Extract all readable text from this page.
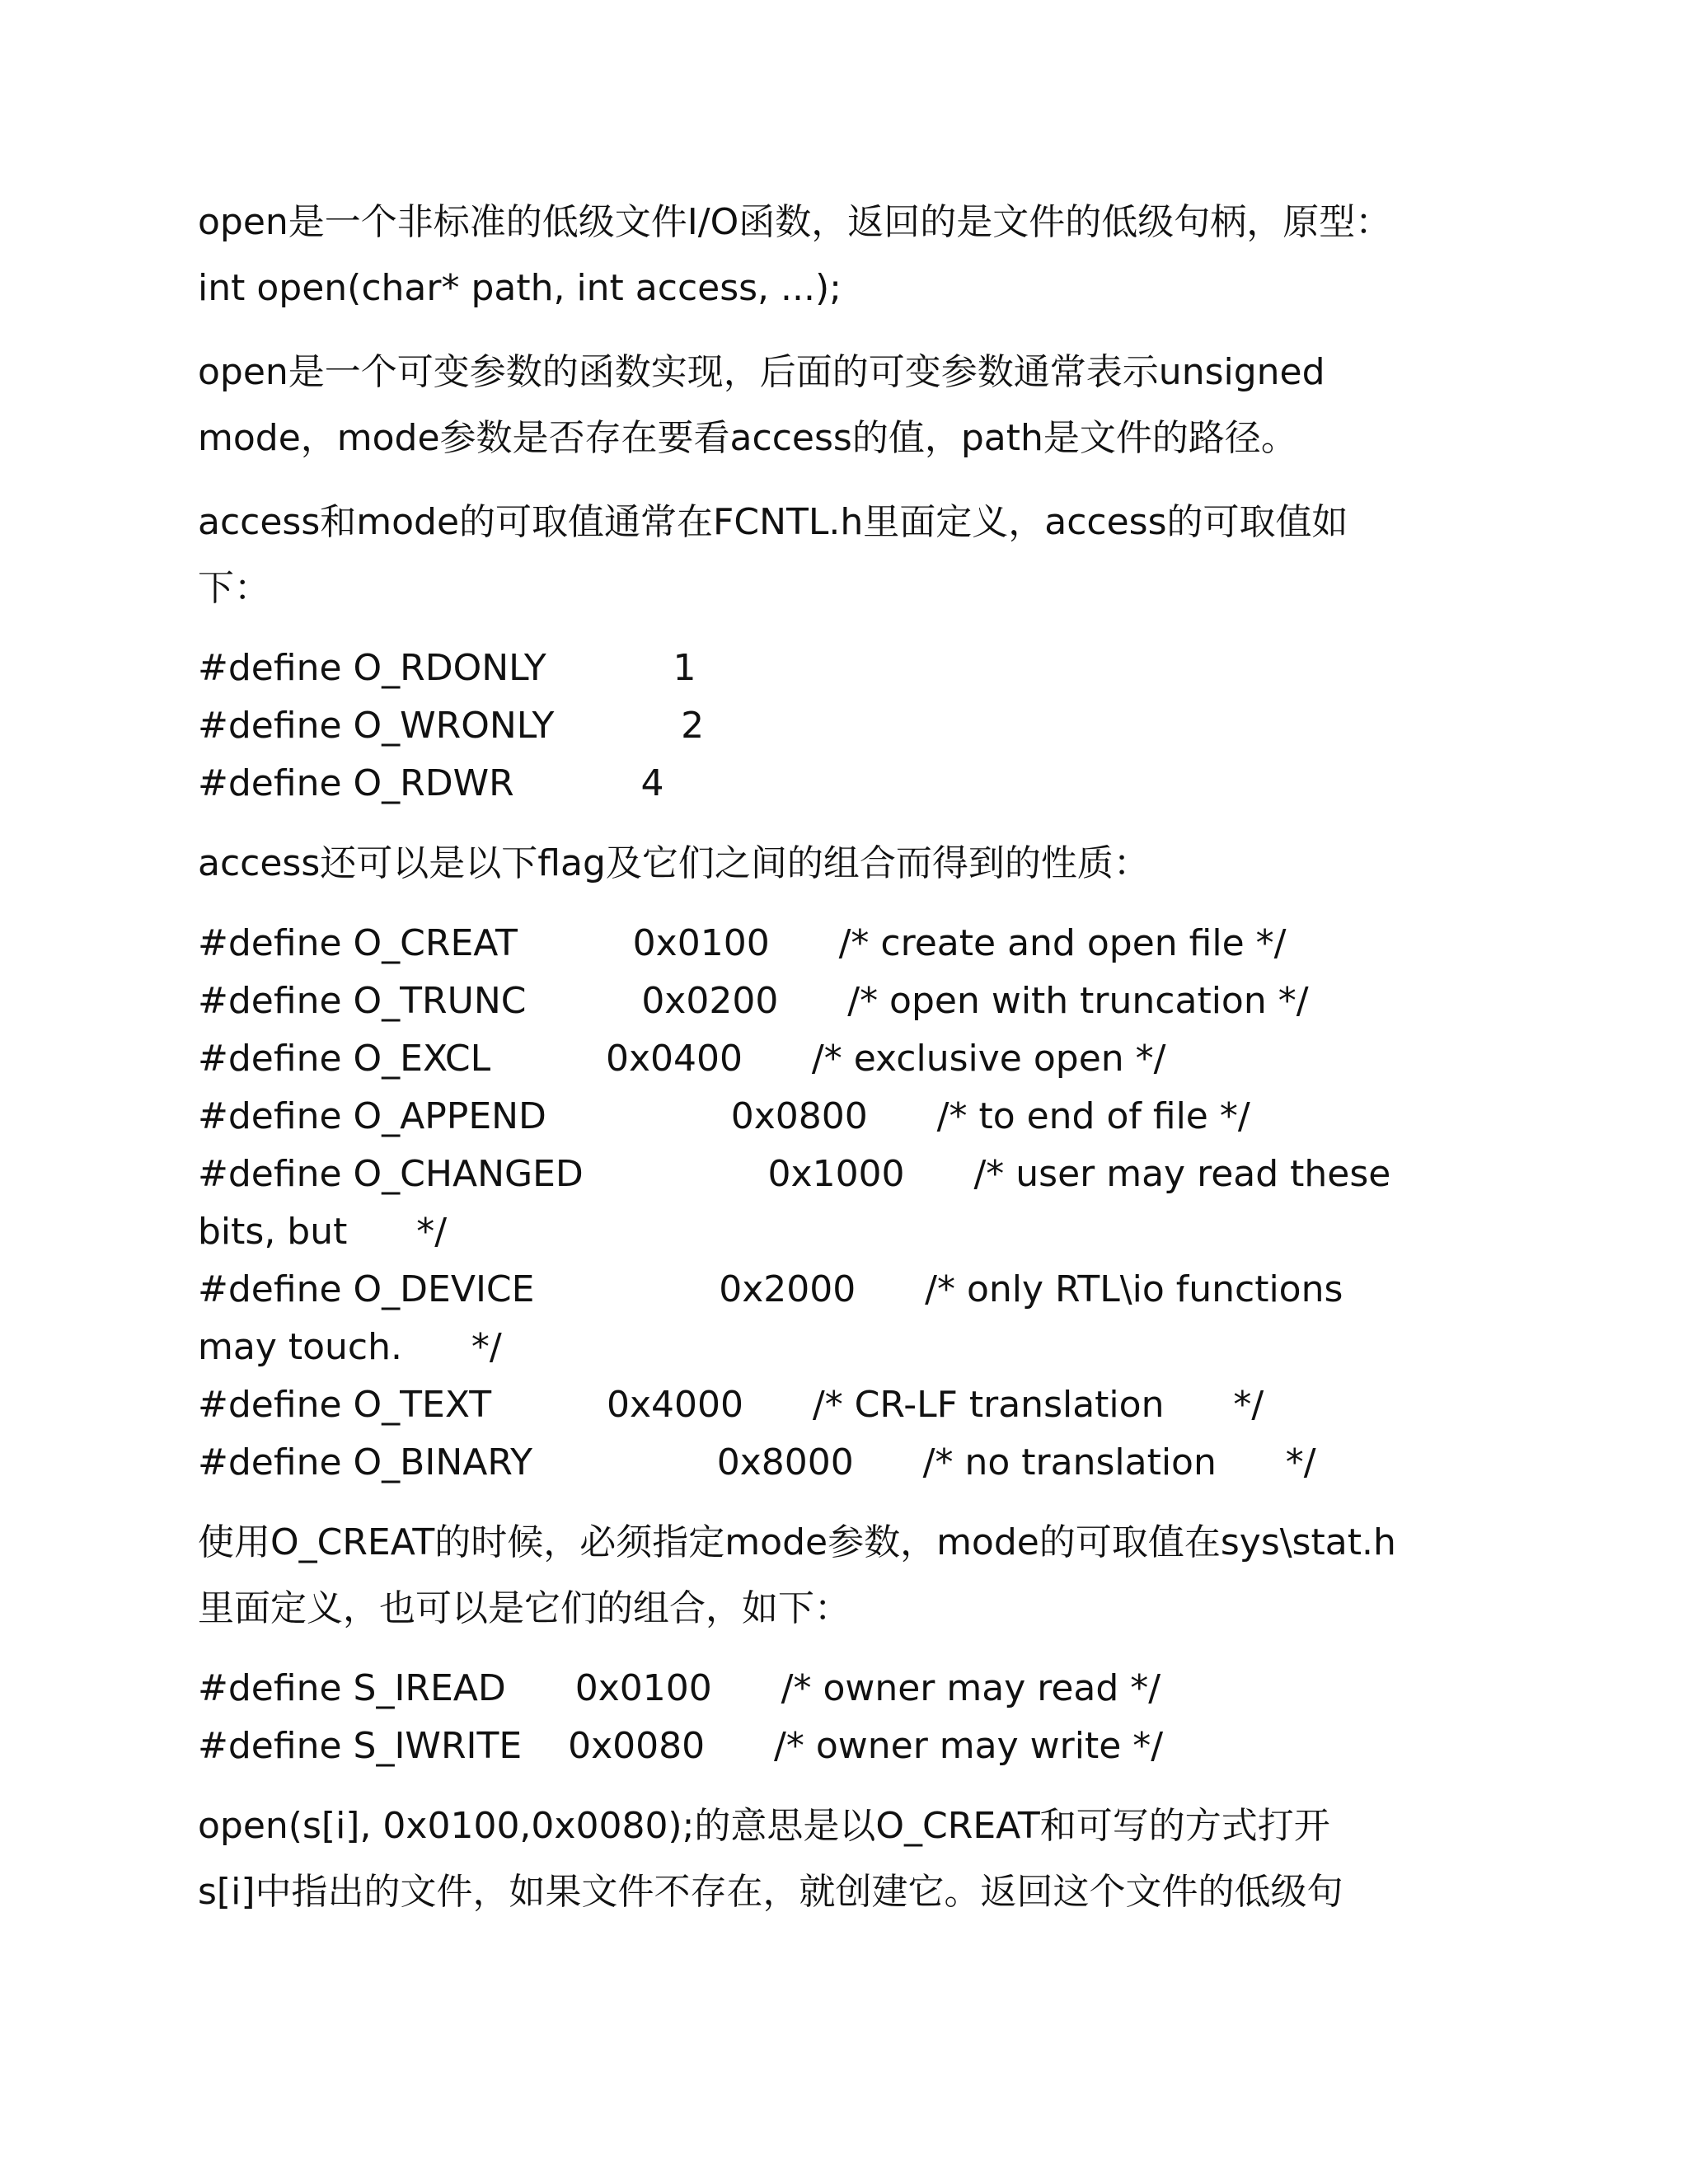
open是一个非标准的低级文件I/O函数，返回的是文件的低级句柄，原型：
int open(char* path, int access, ...);
open是一个可变参数的函数实现，后面的可变参数通常表示unsigned
mode，mode参数是否存在要看access的值，path是文件的路径。
access和mode的可取值通常在FCNTL.h里面定义，access的可取值如
下：
#define O_RDONLY           1
#define O_WRONLY           2
#define O_RDWR           4
access还可以是以下flag及它们之间的组合而得到的性质：
#define O_CREAT          0x0100      /* create and open file */
#define O_TRUNC          0x0200      /* open with truncation */
#define O_EXCL          0x0400      /* exclusive open */
#define O_APPEND                0x0800      /* to end of file */
#define O_CHANGED                0x1000      /* user may read these
bits, but      */
#define O_DEVICE                0x2000      /* only RTL\io functions
may touch.      */
#define O_TEXT          0x4000      /* CR-LF translation      */
#define O_BINARY                0x8000      /* no translation      */
使用O_CREAT的时候，必须指定mode参数，mode的可取值在sys\stat.h
里面定义，也可以是它们的组合，如下：
#define S_IREAD      0x0100      /* owner may read */
#define S_IWRITE    0x0080      /* owner may write */
open(s[i], 0x0100,0x0080);的意思是以O_CREAT和可写的方式打开
s[i]中指出的文件，如果文件不存在，就创建它。返回这个文件的低级句
